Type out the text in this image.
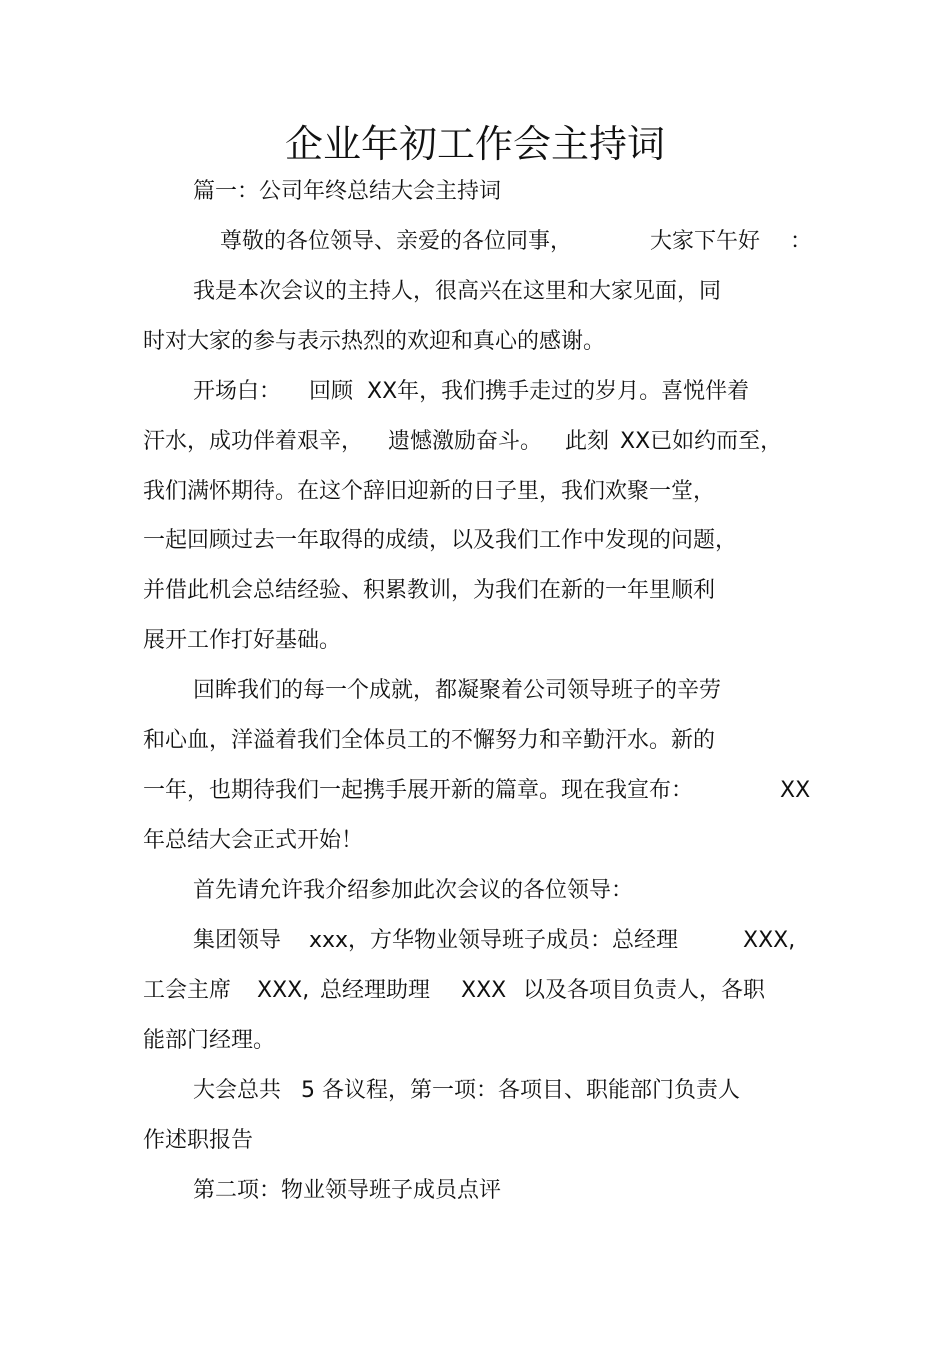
企业年初工作会主持词
篇一：公司年终总结大会主持词
尊敬的各位领导、亲爱的各位同事，	大家下午好 ：
我是本次会议的主持人，很高兴在这里和大家见面，同
时对大家的参与表示热烈的欢迎和真心的感谢。
开场白： 回顾 XX年，我们携手走过的岁月。喜悦伴着
汗水，成功伴着艰辛， 遗憾激励奋斗。 此刻 XX已如约而至，
我们满怀期待。在这个辞旧迎新的日子里，我们欢聚一堂，
一起回顾过去一年取得的成绩，以及我们工作中发现的问题，
并借此机会总结经验、积累教训，为我们在新的一年里顺利
展开工作打好基础。
回眸我们的每一个成就，都凝聚着公司领导班子的辛劳
和心血，洋溢着我们全体员工的不懈努力和辛勤汗水。新的
一年，也期待我们一起携手展开新的篇章。现在我宣布：	XX
年总结大会正式开始！
首先请允许我介绍参加此次会议的各位领导：
集团领导 xxx，方华物业领导班子成员：总经理	XXX,
工会主席 XXX, 总经理助理 XXX 以及各项目负责人，各职
能部门经理。
大会总共 5 各议程，第一项：各项目、职能部门负责人
作述职报告
第二项：物业领导班子成员点评
